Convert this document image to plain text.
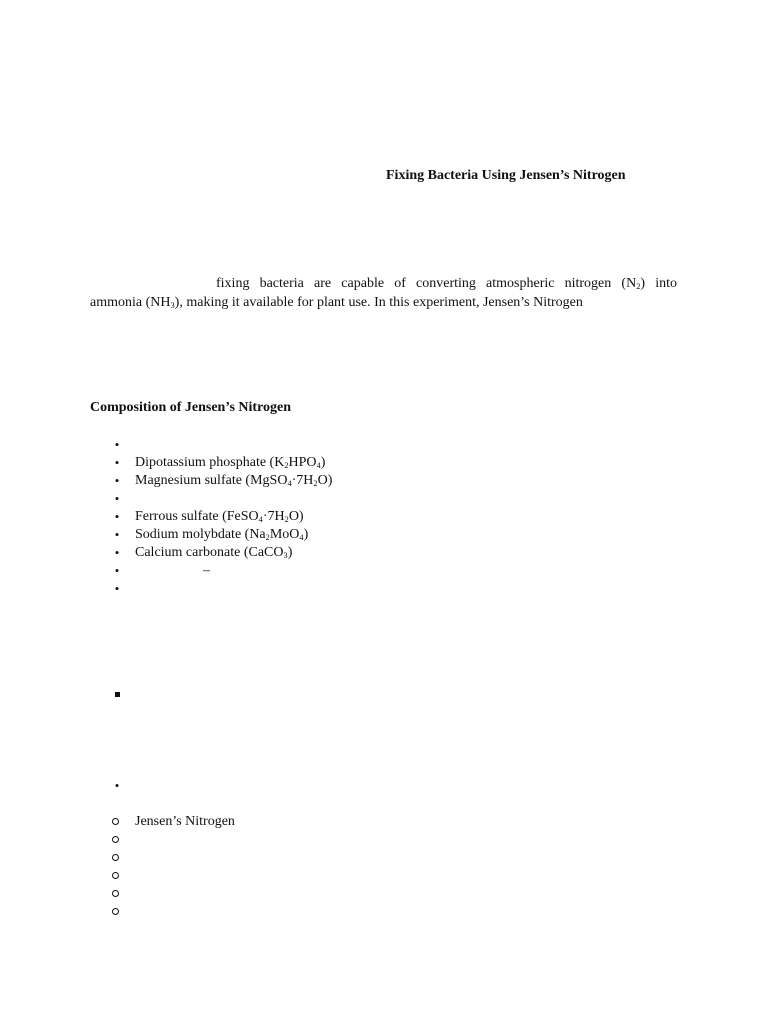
Fixing Bacteria Using Jensen’s Nitrogen
fixing bacteria are capable of converting atmospheric nitrogen $(N_2)$ into
ammonia $(NH_3)$, making it available for plant use. In this experiment, Jensen’s Nitrogen
Composition of Jensen’s Nitrogen
•
• Dipotassium phosphate $(K_2HPO_4)$
• Magnesium sulfate $(MgSO_4\cdot 7H_2O)$
•
• Ferrous sulfate $(FeSO_4\cdot 7H_2O)$
• Sodium molybdate $(Na_2MoO_4)$
• Calcium carbonate (CaCO$_3$)
•	–
•
•
Jensen’s Nitrogen
